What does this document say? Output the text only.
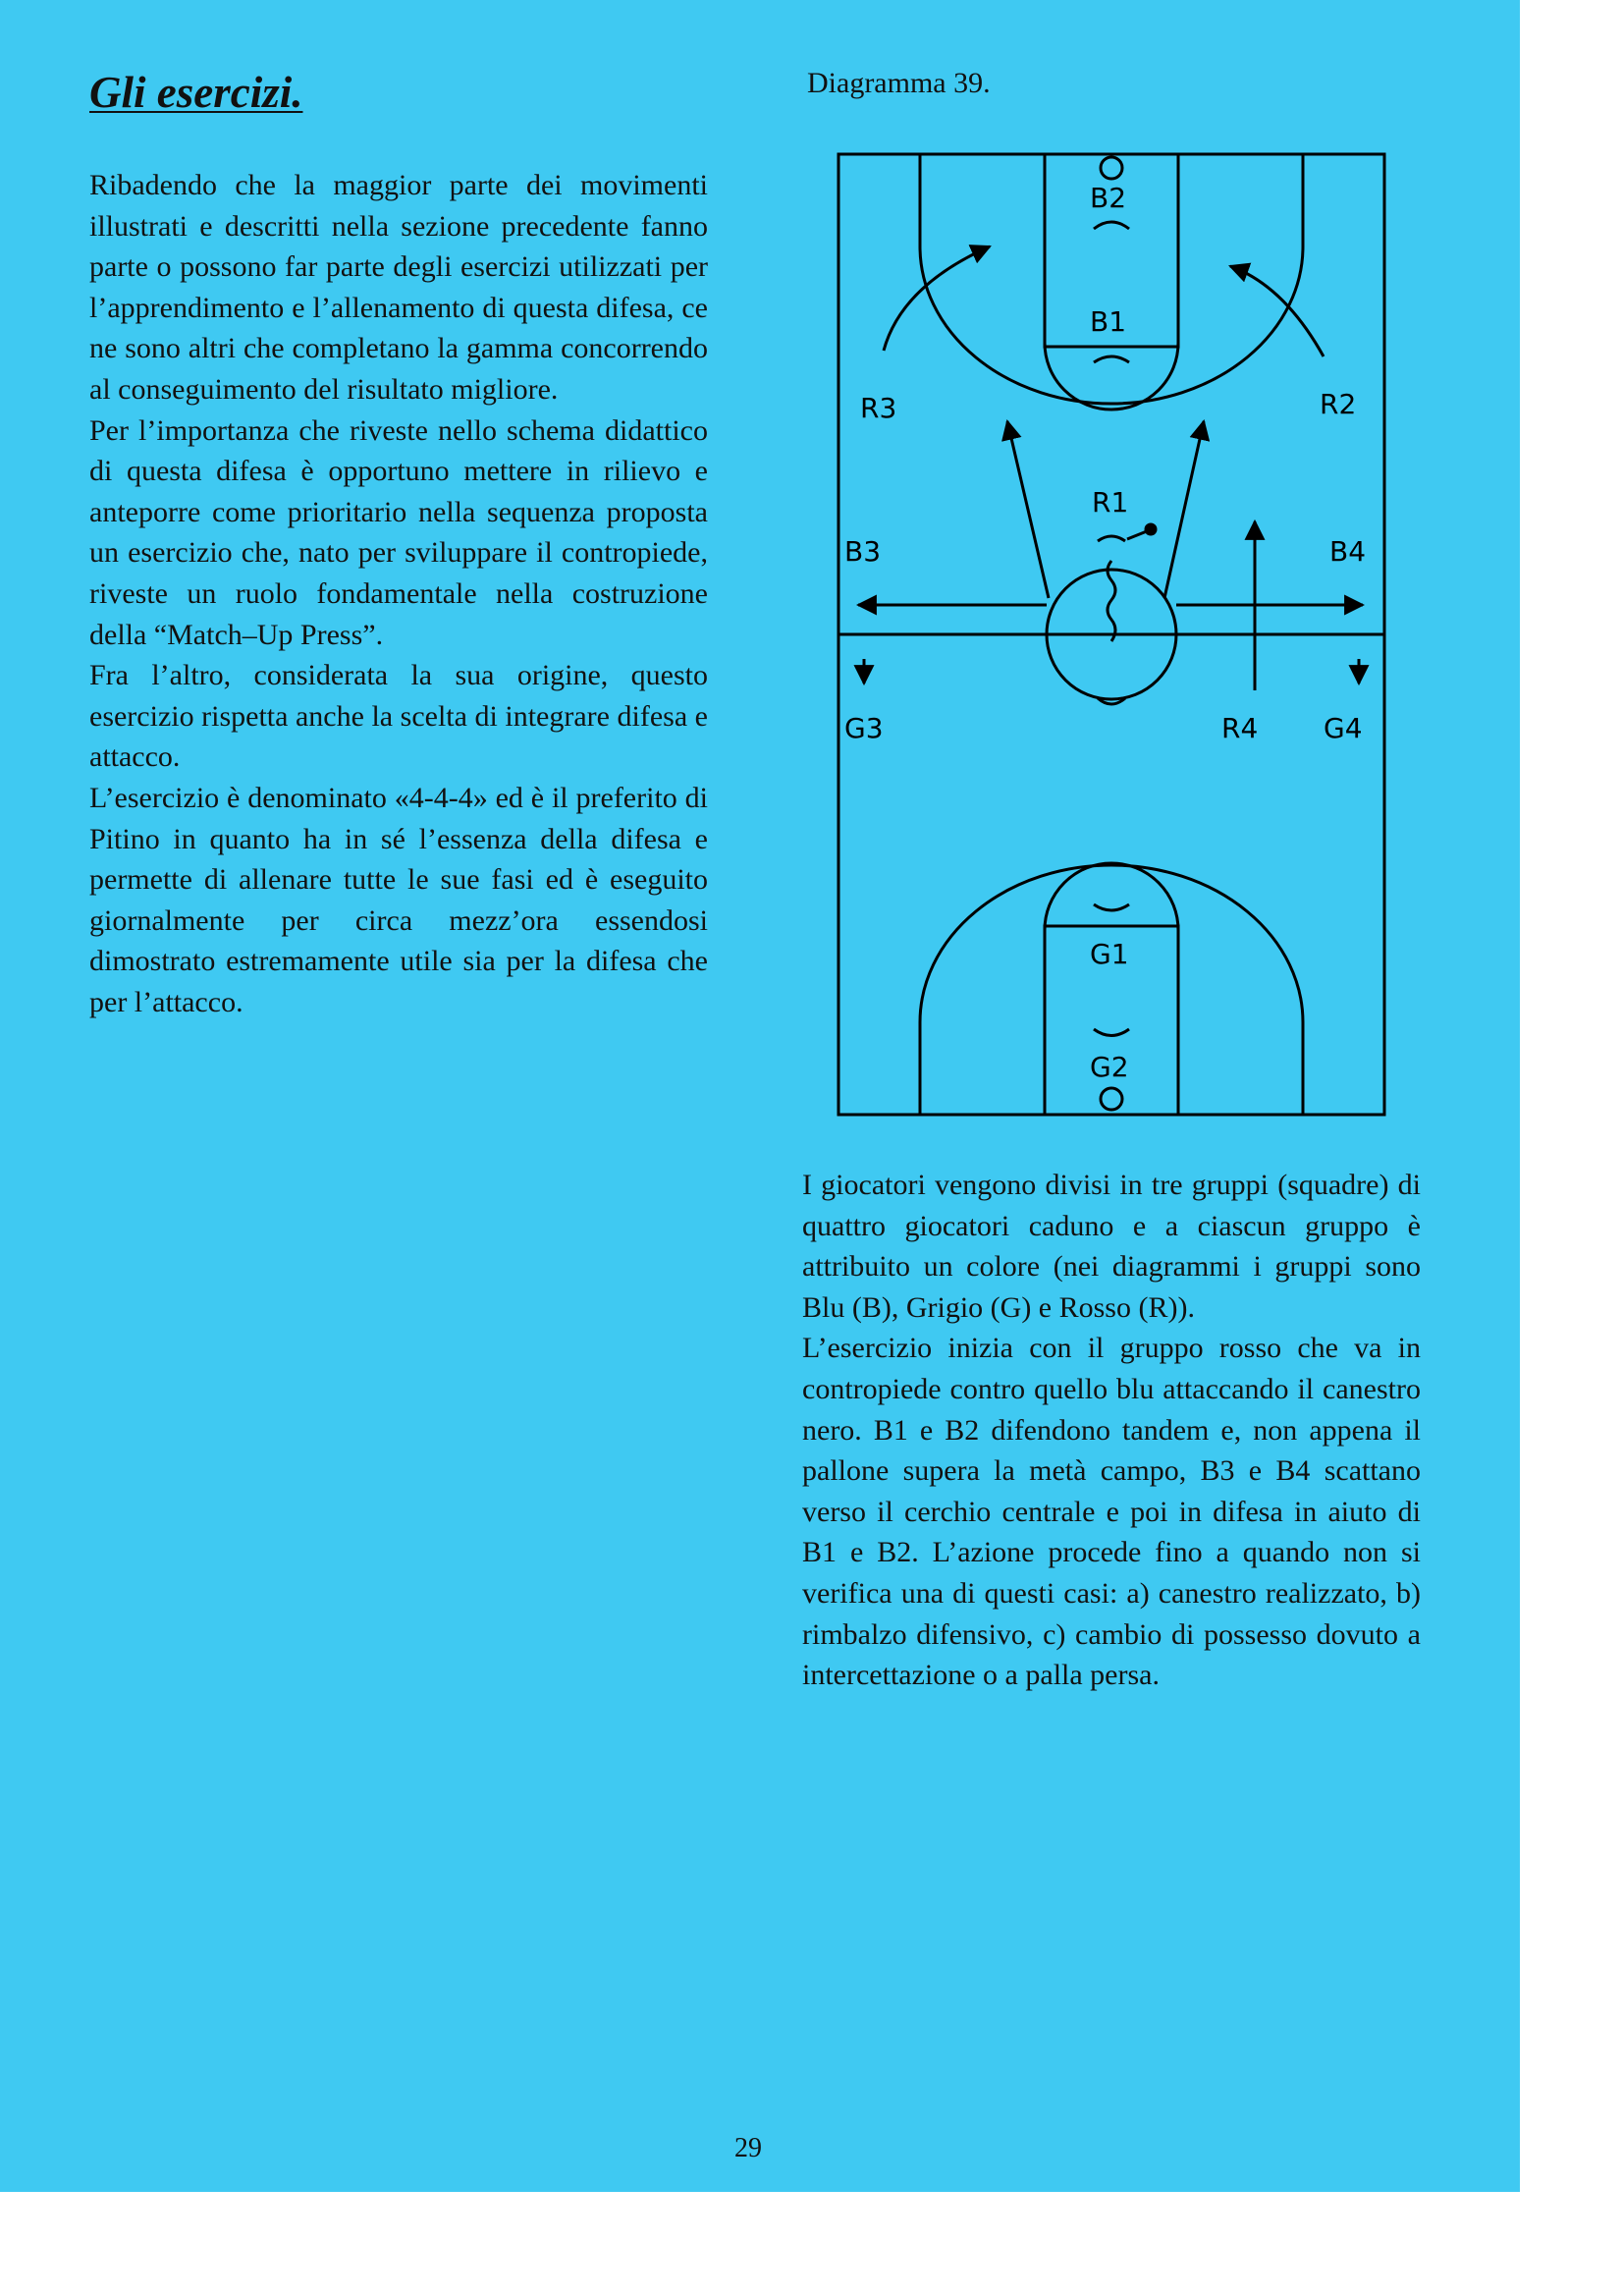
Gli esercizi.

Ribadendo che la maggior parte dei movimenti illustrati e descritti nella sezione precedente fanno parte o possono far parte degli esercizi utilizzati per l’apprendimento e l’allenamento di questa difesa, ce ne sono altri che completano la gamma concorrendo al conseguimento del risultato migliore.

Per l’importanza che riveste nello schema didattico di questa difesa è opportuno mettere in rilievo e anteporre come prioritario nella sequenza proposta un esercizio che, nato per sviluppare il contropiede, riveste un ruolo fondamentale nella costruzione della “Match–Up Press”.

Fra l’altro, considerata la sua origine, questo esercizio rispetta anche la scelta di integrare difesa e attacco.

L’esercizio è denominato «4-4-4» ed è il preferito di Pitino in quanto ha in sé l’essenza della difesa e permette di allenare tutte le sue fasi ed è eseguito giornalmente per circa mezz’ora essendosi dimostrato estremamente utile sia per la difesa che per l’attacco.

Diagramma 39.
B2
B1
R3	R2
R1
B3	B4
G3	R4 G4
G1
G2

I giocatori vengono divisi in tre gruppi (squadre) di quattro giocatori caduno e a ciascun gruppo è attribuito un colore (nei diagrammi i gruppi sono Blu (B), Grigio (G) e Rosso (R)).

L’esercizio inizia con il gruppo rosso che va in contropiede contro quello blu attaccando il canestro nero. B1 e B2 difendono tandem e, non appena il pallone supera la metà campo, B3 e B4 scattano verso il cerchio centrale e poi in difesa in aiuto di B1 e B2. L’azione procede fino a quando non si verifica una di questi casi: a) canestro realizzato, b) rimbalzo difensivo, c) cambio di possesso dovuto a intercettazione o a palla persa.

29
